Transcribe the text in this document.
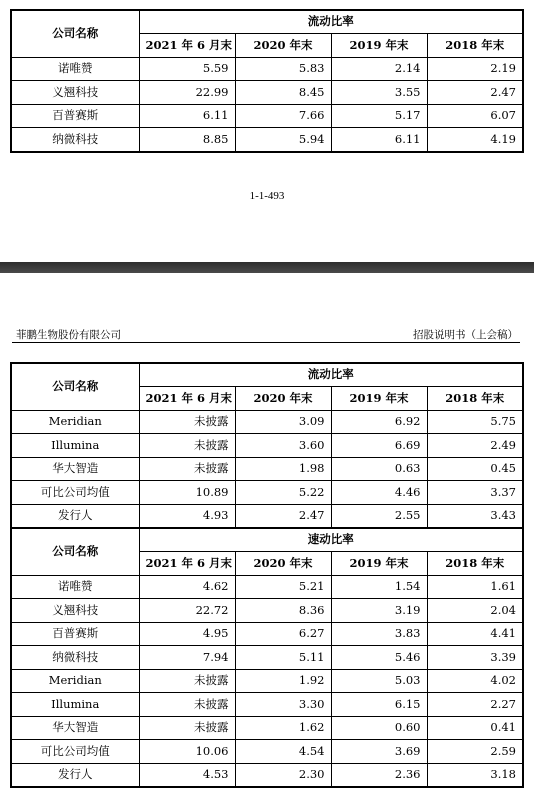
公司名称	流动比率			
	2021 年 6 月末	2020 年末	2019 年末	2018 年末
诺唯赞	5.59	5.83	2.14	2.19
义翘科技	22.99	8.45	3.55	2.47
百普赛斯	6.11	7.66	5.17	6.07
纳微科技	8.85	5.94	6.11	4.19
1-1-493
菲鹏生物股份有限公司	招股说明书（上会稿）
公司名称	流动比率			
	2021 年 6 月末	2020 年末	2019 年末	2018 年末
Meridian	未披露	3.09	6.92	5.75
Illumina	未披露	3.60	6.69	2.49
华大智造	未披露	1.98	0.63	0.45
可比公司均值	10.89	5.22	4.46	3.37
发行人	4.93	2.47	2.55	3.43
公司名称	速动比率			
	2021 年 6 月末	2020 年末	2019 年末	2018 年末
诺唯赞	4.62	5.21	1.54	1.61
义翘科技	22.72	8.36	3.19	2.04
百普赛斯	4.95	6.27	3.83	4.41
纳微科技	7.94	5.11	5.46	3.39
Meridian	未披露	1.92	5.03	4.02
Illumina	未披露	3.30	6.15	2.27
华大智造	未披露	1.62	0.60	0.41
可比公司均值	10.06	4.54	3.69	2.59
发行人	4.53	2.30	2.36	3.18
